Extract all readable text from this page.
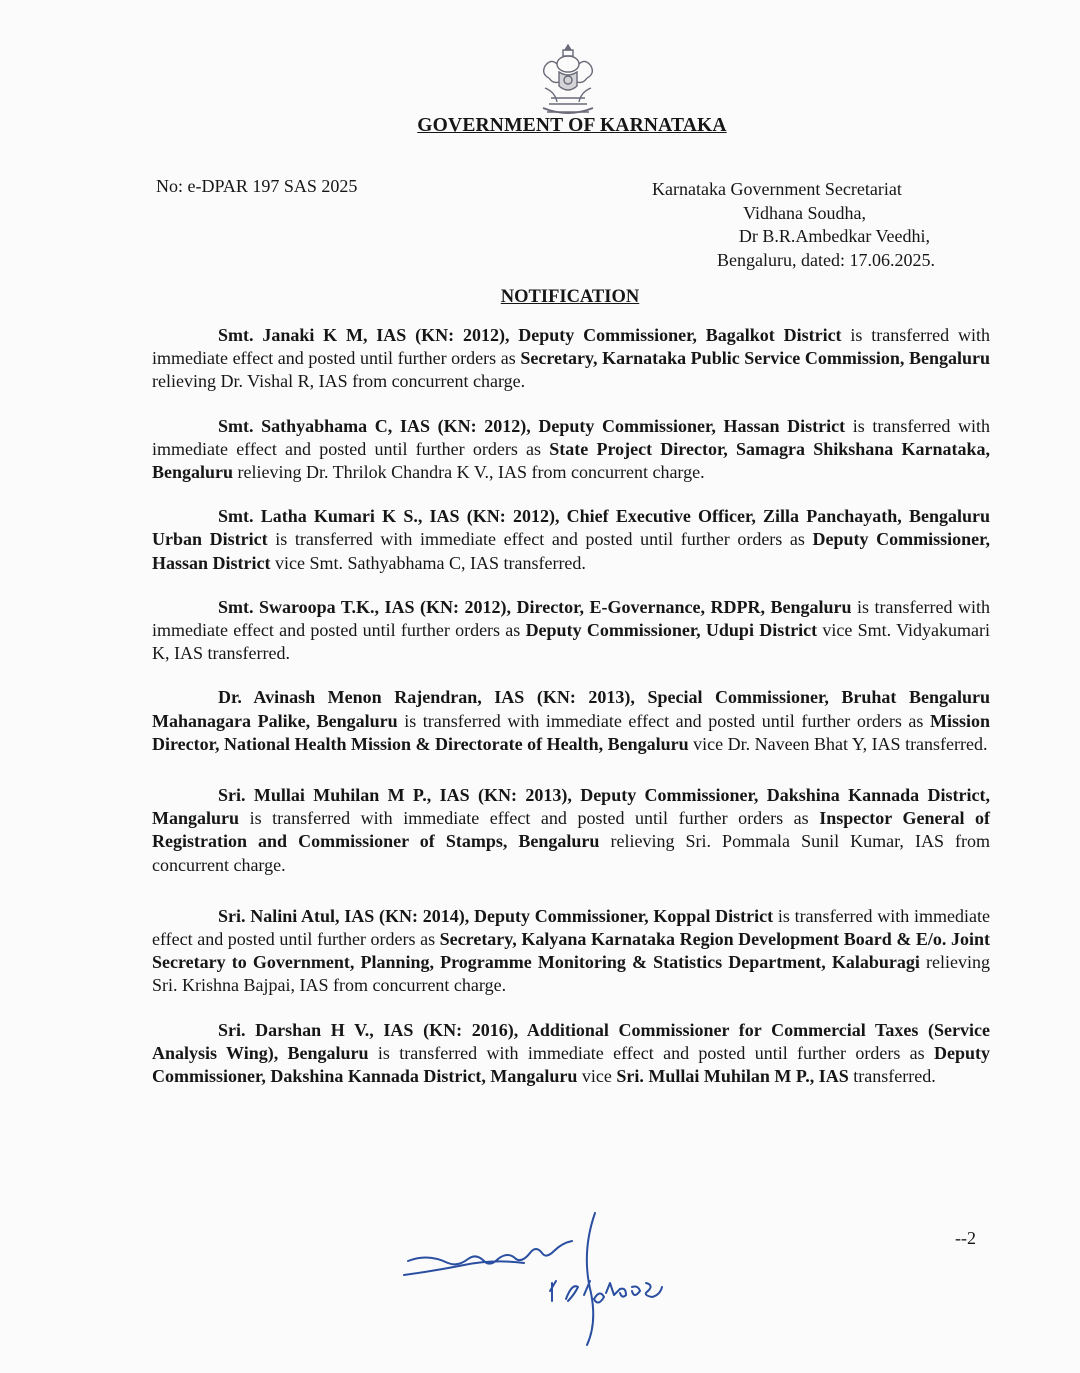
GOVERNMENT OF KARNATAKA
No: e-DPAR 197 SAS 2025	Karnataka Government Secretariat
Vidhana Soudha,
Dr B.R.Ambedkar Veedhi,
Bengaluru, dated: 17.06.2025.
NOTIFICATION

Smt. Janaki K M, IAS (KN: 2012), Deputy Commissioner, Bagalkot District is transferred with immediate effect and posted until further orders as Secretary, Karnataka Public Service Commission, Bengaluru relieving Dr. Vishal R, IAS from concurrent charge.

Smt. Sathyabhama C, IAS (KN: 2012), Deputy Commissioner, Hassan District is transferred with immediate effect and posted until further orders as State Project Director, Samagra Shikshana Karnataka, Bengaluru relieving Dr. Thrilok Chandra K V., IAS from concurrent charge.

Smt. Latha Kumari K S., IAS (KN: 2012), Chief Executive Officer, Zilla Panchayath, Bengaluru Urban District is transferred with immediate effect and posted until further orders as Deputy Commissioner, Hassan District vice Smt. Sathyabhama C, IAS transferred.

Smt. Swaroopa T.K., IAS (KN: 2012), Director, E-Governance, RDPR, Bengaluru is transferred with immediate effect and posted until further orders as Deputy Commissioner, Udupi District vice Smt. Vidyakumari K, IAS transferred.

Dr. Avinash Menon Rajendran, IAS (KN: 2013), Special Commissioner, Bruhat Bengaluru Mahanagara Palike, Bengaluru is transferred with immediate effect and posted until further orders as Mission Director, National Health Mission & Directorate of Health, Bengaluru vice Dr. Naveen Bhat Y, IAS transferred.

Sri. Mullai Muhilan M P., IAS (KN: 2013), Deputy Commissioner, Dakshina Kannada District, Mangaluru is transferred with immediate effect and posted until further orders as Inspector General of Registration and Commissioner of Stamps, Bengaluru relieving Sri. Pommala Sunil Kumar, IAS from concurrent charge.

Sri. Nalini Atul, IAS (KN: 2014), Deputy Commissioner, Koppal District is transferred with immediate effect and posted until further orders as Secretary, Kalyana Karnataka Region Development Board & E/o. Joint Secretary to Government, Planning, Programme Monitoring & Statistics Department, Kalaburagi relieving Sri. Krishna Bajpai, IAS from concurrent charge.

Sri. Darshan H V., IAS (KN: 2016), Additional Commissioner for Commercial Taxes (Service Analysis Wing), Bengaluru is transferred with immediate effect and posted until further orders as Deputy Commissioner, Dakshina Kannada District, Mangaluru vice Sri. Mullai Muhilan M P., IAS transferred.

--2
